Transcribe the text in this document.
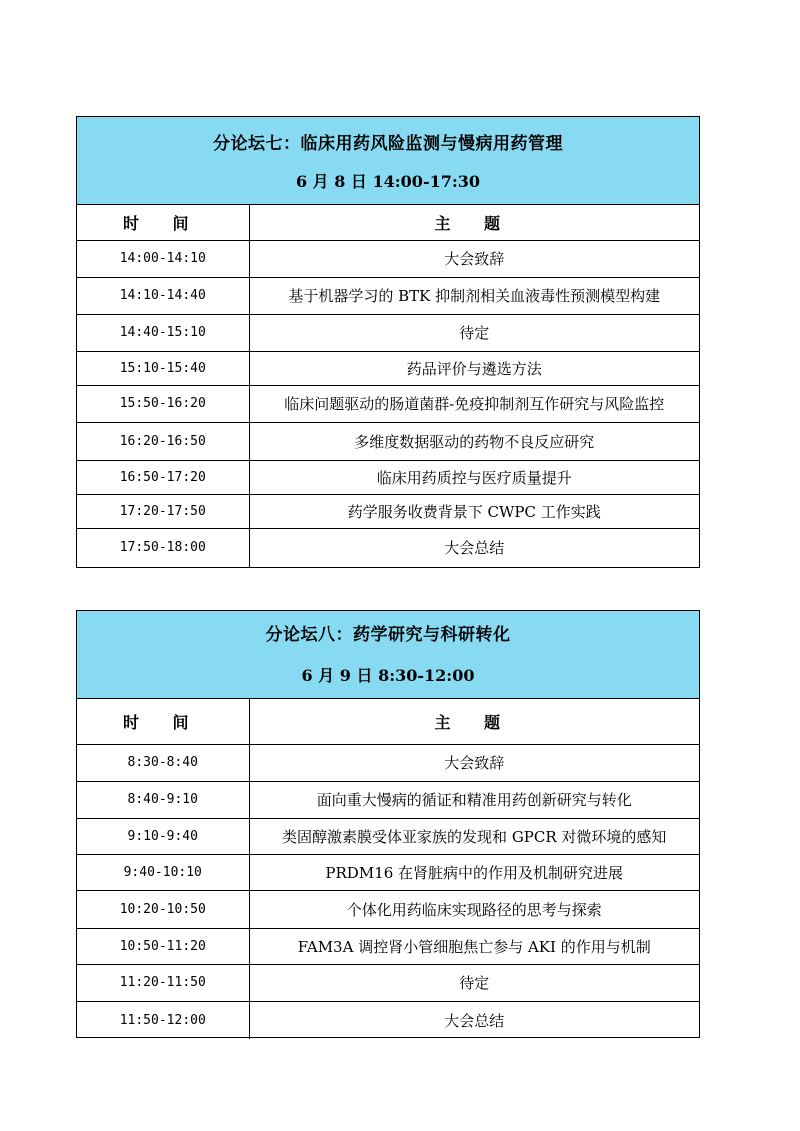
分论坛七：临床用药风险监测与慢病用药管理
6 月 8 日 14:00-17:30
时 间	主 题
14:00-14:10	大会致辞
14:10-14:40	基于机器学习的 BTK 抑制剂相关血液毒性预测模型构建
14:40-15:10	待定
15:10-15:40	药品评价与遴选方法
15:50-16:20	临床问题驱动的肠道菌群-免疫抑制剂互作研究与风险监控
16:20-16:50	多维度数据驱动的药物不良反应研究
16:50-17:20	临床用药质控与医疗质量提升
17:20-17:50	药学服务收费背景下 CWPC 工作实践
17:50-18:00	大会总结
分论坛八：药学研究与科研转化
6 月 9 日 8:30-12:00
时 间	主 题
8:30-8:40	大会致辞
8:40-9:10	面向重大慢病的循证和精准用药创新研究与转化
9:10-9:40	类固醇激素膜受体亚家族的发现和 GPCR 对微环境的感知
9:40-10:10	PRDM16 在肾脏病中的作用及机制研究进展
10:20-10:50	个体化用药临床实现路径的思考与探索
10:50-11:20	FAM3A 调控肾小管细胞焦亡参与 AKI 的作用与机制
11:20-11:50	待定
11:50-12:00	大会总结
